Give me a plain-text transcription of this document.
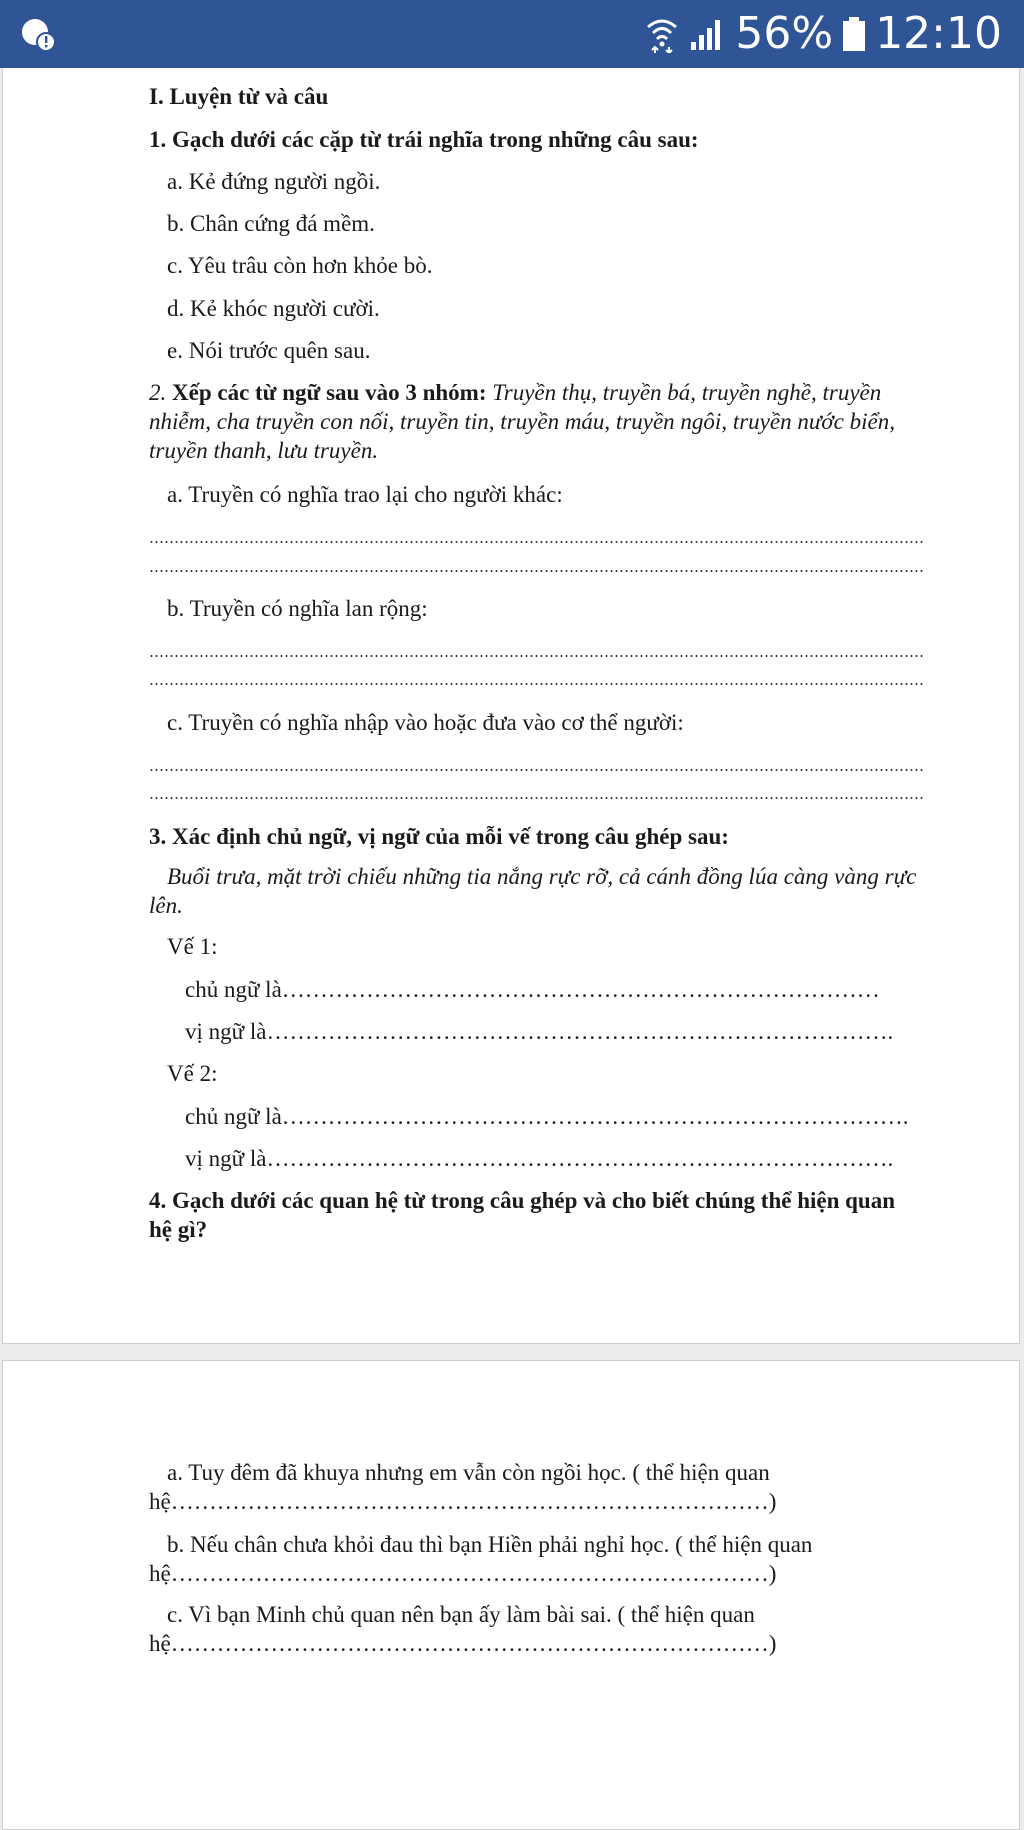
56% 12:10
I. Luyện từ và câu
1. Gạch dưới các cặp từ trái nghĩa trong những câu sau:
a. Kẻ đứng người ngồi.
b. Chân cứng đá mềm.
c. Yêu trâu còn hơn khỏe bò.
d. Kẻ khóc người cười.
e. Nói trước quên sau.
2. Xếp các từ ngữ sau vào 3 nhóm: Truyền thụ, truyền bá, truyền nghề, truyền nhiễm, cha truyền con nối, truyền tin, truyền máu, truyền ngôi, truyền nước biển, truyền thanh, lưu truyền.
a. Truyền có nghĩa trao lại cho người khác:
b. Truyền có nghĩa lan rộng:
c. Truyền có nghĩa nhập vào hoặc đưa vào cơ thể người:
3. Xác định chủ ngữ, vị ngữ của mỗi vế trong câu ghép sau:
Buổi trưa, mặt trời chiếu những tia nắng rực rỡ, cả cánh đồng lúa càng vàng rực lên.
Vế 1:
chủ ngữ là……………………………………………………………………
vị ngữ là……………………………………………………………………….
Vế 2:
chủ ngữ là……………………………………………………………………….
vị ngữ là……………………………………………………………………….
4. Gạch dưới các quan hệ từ trong câu ghép và cho biết chúng thể hiện quan hệ gì?
a. Tuy đêm đã khuya nhưng em vẫn còn ngồi học. ( thể hiện quan
hệ……………………………………………………………………)
b. Nếu chân chưa khỏi đau thì bạn Hiền phải nghỉ học. ( thể hiện quan
hệ……………………………………………………………………)
c. Vì bạn Minh chủ quan nên bạn ấy làm bài sai. ( thể hiện quan
hệ……………………………………………………………………)
